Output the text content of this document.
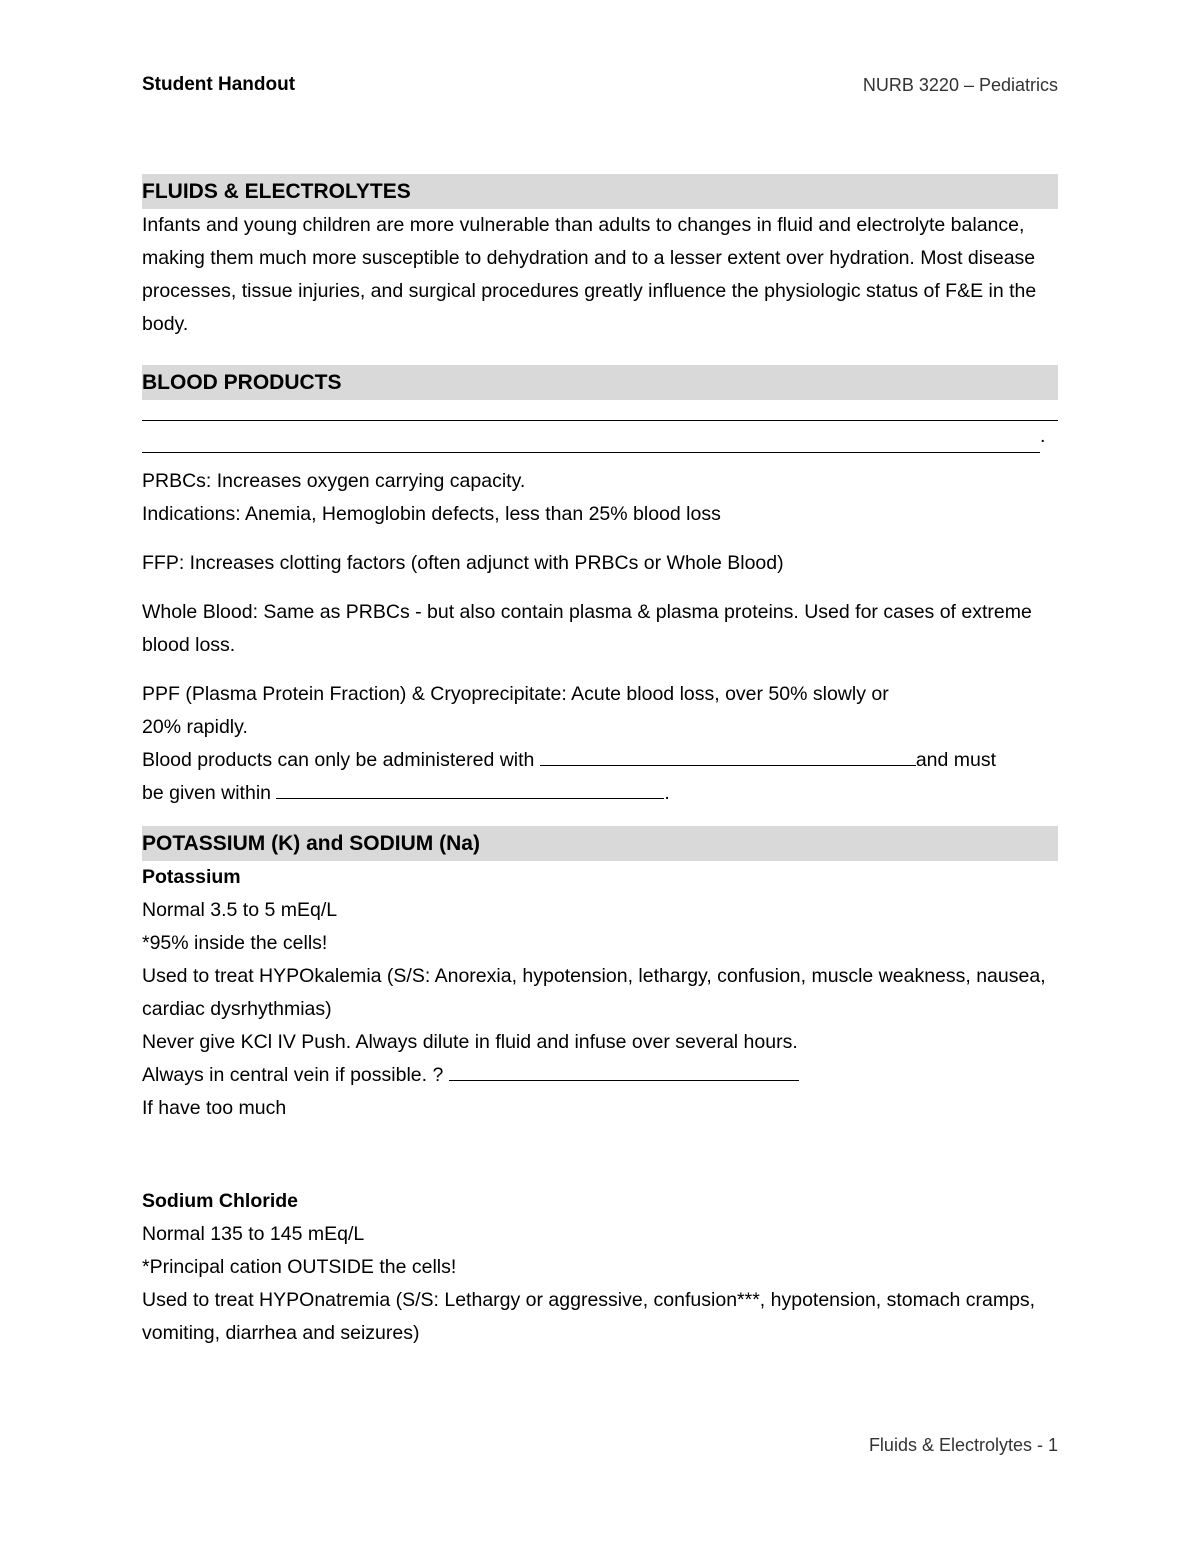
Student Handout	NURB 3220 – Pediatrics
FLUIDS & ELECTROLYTES

Infants and young children are more vulnerable than adults to changes in fluid and electrolyte balance, making them much more susceptible to dehydration and to a lesser extent over hydration. Most disease processes, tissue injuries, and surgical procedures greatly influence the physiologic status of F&E in the body.

BLOOD PRODUCTS
.

PRBCs: Increases oxygen carrying capacity.

Indications: Anemia, Hemoglobin defects, less than 25% blood loss

FFP: Increases clotting factors (often adjunct with PRBCs or Whole Blood)

Whole Blood: Same as PRBCs - but also contain plasma & plasma proteins. Used for cases of extreme blood loss.

PPF (Plasma Protein Fraction) & Cryoprecipitate: Acute blood loss, over 50% slowly or

20% rapidly.

Blood products can only be administered with	and must

be given within	.

POTASSIUM (K) and SODIUM (Na)

Potassium

Normal 3.5 to 5 mEq/L

*95% inside the cells!

Used to treat HYPOkalemia (S/S: Anorexia, hypotension, lethargy, confusion, muscle weakness, nausea, cardiac dysrhythmias)

Never give KCl IV Push. Always dilute in fluid and infuse over several hours.

Always in central vein if possible. ?

If have too much

Sodium Chloride

Normal 135 to 145 mEq/L

*Principal cation OUTSIDE the cells!

Used to treat HYPOnatremia (S/S: Lethargy or aggressive, confusion***, hypotension, stomach cramps, vomiting, diarrhea and seizures)

Fluids & Electrolytes - 1
